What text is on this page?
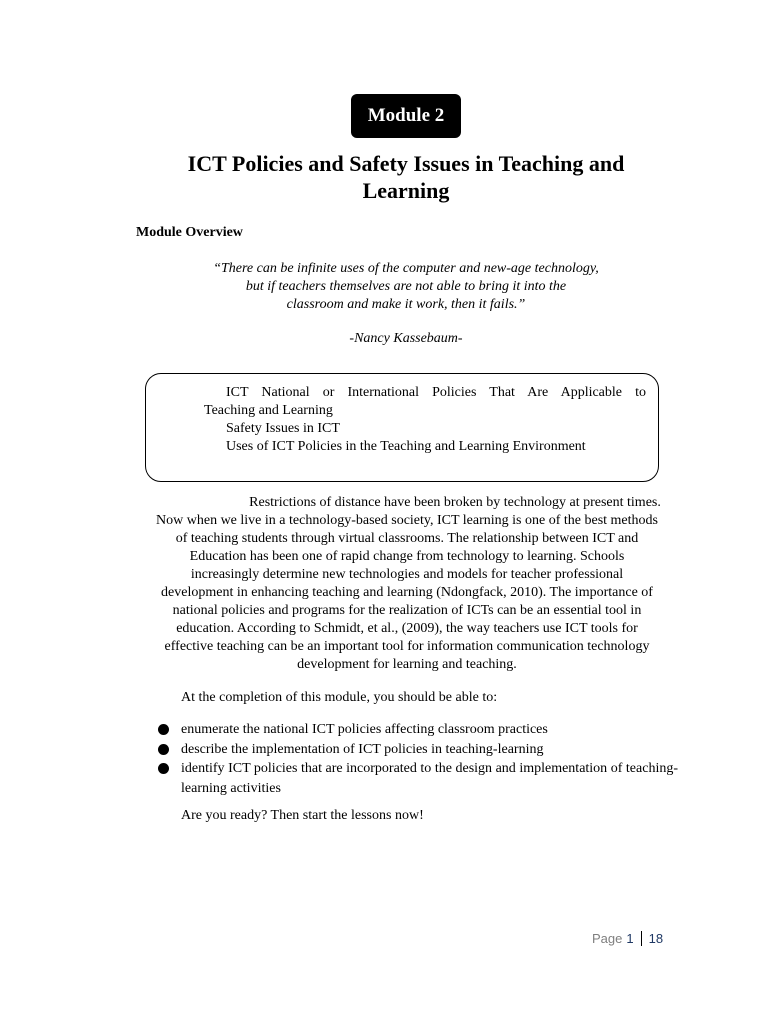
Module 2
ICT Policies and Safety Issues in Teaching and
Learning

Module Overview

“There can be infinite uses of the computer and new-age technology,
but if teachers themselves are not able to bring it into the
classroom and make it work, then it fails.”
-Nancy Kassebaum-

ICT National or International Policies That Are Applicable to

Teaching and Learning

Safety Issues in ICT

Uses of ICT Policies in the Teaching and Learning Environment

Restrictions of distance have been broken by technology at present times.
Now when we live in a technology-based society, ICT learning is one of the best methods
of teaching students through virtual classrooms. The relationship between ICT and
Education has been one of rapid change from technology to learning. Schools
increasingly determine new technologies and models for teacher professional
development in enhancing teaching and learning (Ndongfack, 2010). The importance of
national policies and programs for the realization of ICTs can be an essential tool in
education. According to Schmidt, et al., (2009), the way teachers use ICT tools for
effective teaching can be an important tool for information communication technology
development for learning and teaching.

At the completion of this module, you should be able to:

enumerate the national ICT policies affecting classroom practices
describe the implementation of ICT policies in teaching-learning
identify ICT policies that are incorporated to the design and implementation of teaching-learning activities

Are you ready? Then start the lessons now!

Page 1 18
